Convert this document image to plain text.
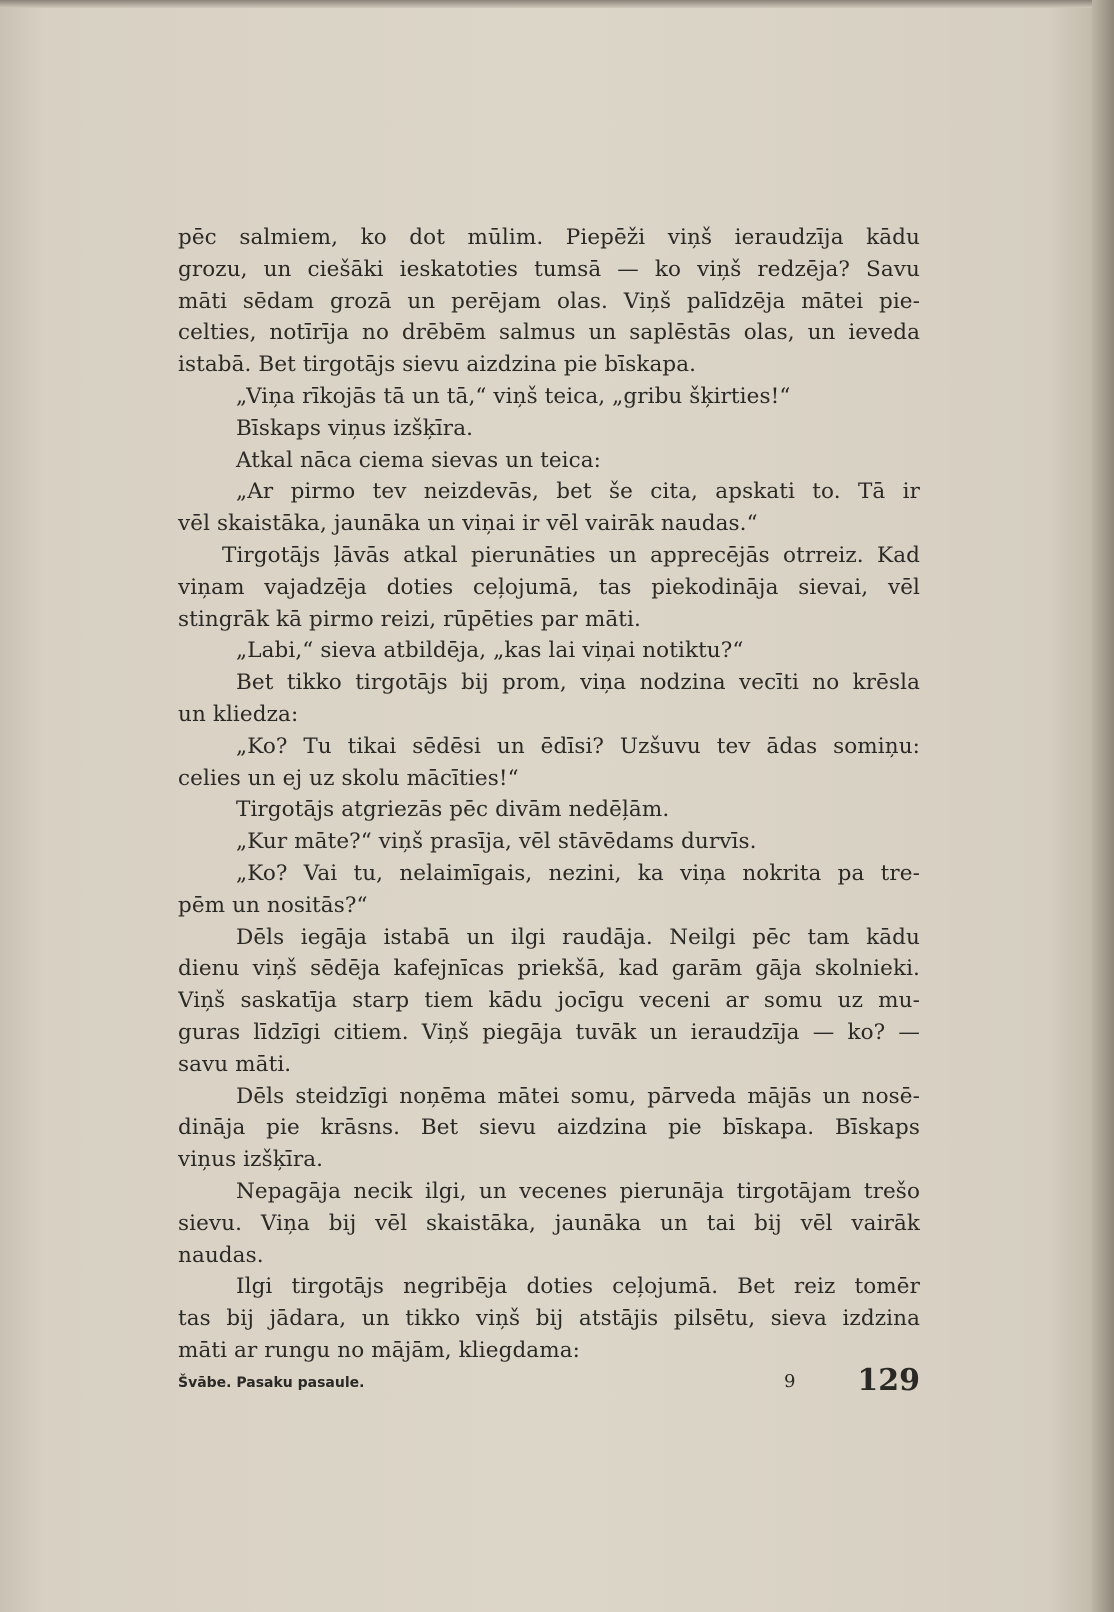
pēc salmiem, ko dot mūlim. Piepēži viņš ieraudzīja kādu
grozu, un ciešāki ieskatoties tumsā — ko viņš redzēja? Savu
māti sēdam grozā un perējam olas. Viņš palīdzēja mātei pie-
celties, notīrīja no drēbēm salmus un saplēstās olas, un ieveda
istabā. Bet tirgotājs sievu aizdzina pie bīskapa.
„Viņa rīkojās tā un tā,“ viņš teica, „gribu šķirties!“
Bīskaps viņus izšķīra.
Atkal nāca ciema sievas un teica:
„Ar pirmo tev neizdevās, bet še cita, apskati to. Tā ir
vēl skaistāka, jaunāka un viņai ir vēl vairāk naudas.“
Tirgotājs ļāvās atkal pierunāties un apprecējās otrreiz. Kad
viņam vajadzēja doties ceļojumā, tas piekodināja sievai, vēl
stingrāk kā pirmo reizi, rūpēties par māti.
„Labi,“ sieva atbildēja, „kas lai viņai notiktu?“
Bet tikko tirgotājs bij prom, viņa nodzina vecīti no krēsla
un kliedza:
„Ko? Tu tikai sēdēsi un ēdīsi? Uzšuvu tev ādas somiņu:
celies un ej uz skolu mācīties!“
Tirgotājs atgriezās pēc divām nedēļām.
„Kur māte?“ viņš prasīja, vēl stāvēdams durvīs.
„Ko? Vai tu, nelaimīgais, nezini, ka viņa nokrita pa tre-
pēm un nositās?“
Dēls iegāja istabā un ilgi raudāja. Neilgi pēc tam kādu
dienu viņš sēdēja kafejnīcas priekšā, kad garām gāja skolnieki.
Viņš saskatīja starp tiem kādu jocīgu veceni ar somu uz mu-
guras līdzīgi citiem. Viņš piegāja tuvāk un ieraudzīja — ko? —
savu māti.
Dēls steidzīgi noņēma mātei somu, pārveda mājās un nosē-
dināja pie krāsns. Bet sievu aizdzina pie bīskapa. Bīskaps
viņus izšķīra.
Nepagāja necik ilgi, un vecenes pierunāja tirgotājam trešo
sievu. Viņa bij vēl skaistāka, jaunāka un tai bij vēl vairāk
naudas.
Ilgi tirgotājs negribēja doties ceļojumā. Bet reiz tomēr
tas bij jādara, un tikko viņš bij atstājis pilsētu, sieva izdzina
māti ar rungu no mājām, kliegdama:
Švābe. Pasaku pasaule.	9 129
